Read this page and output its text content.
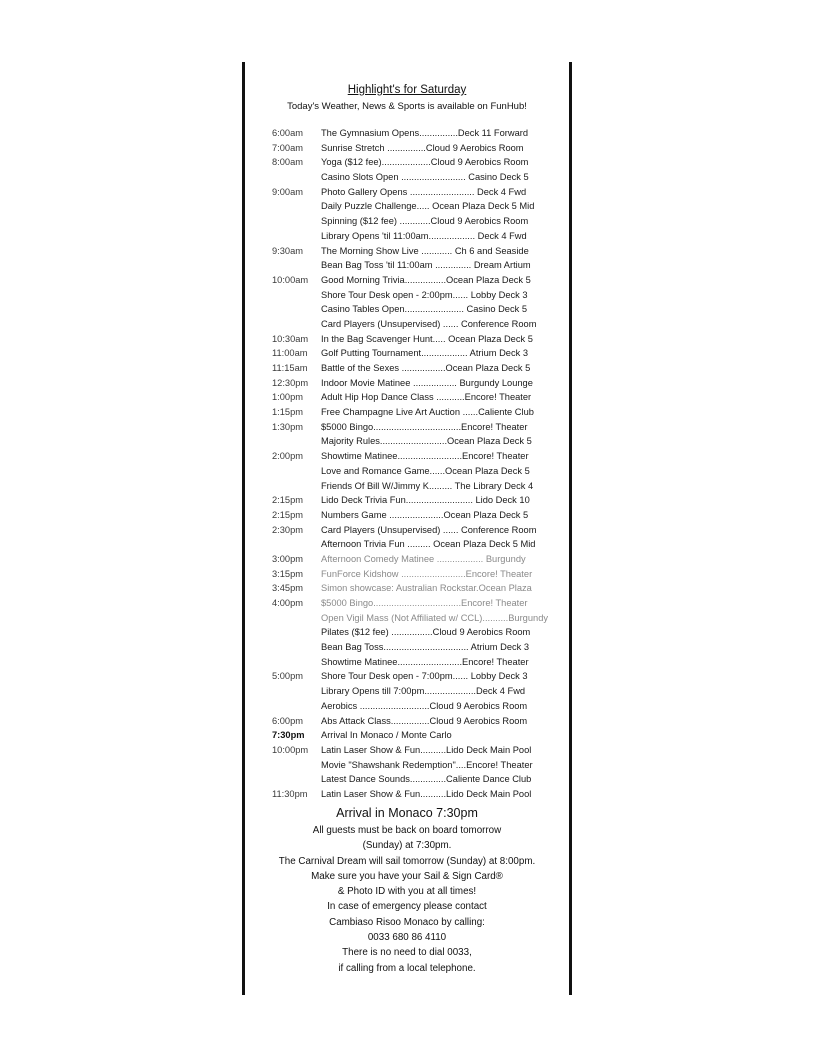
Highlight's for Saturday
Today's Weather, News & Sports is available on FunHub!
6:00am	The Gymnasium Opens...............Deck 11 Forward
7:00am	Sunrise Stretch ...............Cloud 9 Aerobics Room
8:00am	Yoga ($12 fee)...................Cloud 9 Aerobics Room
Casino Slots Open ......................... Casino Deck 5
9:00am	Photo Gallery Opens ......................... Deck 4 Fwd
Daily Puzzle Challenge..... Ocean Plaza Deck 5 Mid
Spinning ($12 fee) ............Cloud 9 Aerobics Room
Library Opens 'til 11:00am.................. Deck 4 Fwd
9:30am	The Morning Show Live ............ Ch 6 and Seaside
Bean Bag Toss 'til 11:00am .............. Dream Artium
10:00am	Good Morning Trivia................Ocean Plaza Deck 5
Shore Tour Desk open - 2:00pm...... Lobby Deck 3
Casino Tables Open....................... Casino Deck 5
Card Players (Unsupervised) ...... Conference Room
10:30am	In the Bag Scavenger Hunt..... Ocean Plaza Deck 5
11:00am	Golf Putting Tournament.................. Atrium Deck 3
11:15am	Battle of the Sexes .................Ocean Plaza Deck 5
12:30pm	Indoor Movie Matinee ................. Burgundy Lounge
1:00pm	Adult Hip Hop Dance Class ...........Encore! Theater
1:15pm	Free Champagne Live Art Auction ......Caliente Club
1:30pm	$5000 Bingo..................................Encore! Theater
Majority Rules..........................Ocean Plaza Deck 5
2:00pm	Showtime Matinee.........................Encore! Theater
Love and Romance Game......Ocean Plaza Deck 5
Friends Of Bill W/Jimmy K......... The Library Deck 4
2:15pm	Lido Deck Trivia Fun.......................... Lido Deck 10
2:15pm	Numbers Game .....................Ocean Plaza Deck 5
2:30pm	Card Players (Unsupervised) ...... Conference Room
Afternoon Trivia Fun ......... Ocean Plaza Deck 5 Mid
3:00pm	Afternoon Comedy Matinee .................. Burgundy
3:15pm	FunForce Kidshow .........................Encore! Theater
3:45pm	Simon showcase: Australian Rockstar.Ocean Plaza
4:00pm	$5000 Bingo..................................Encore! Theater
Open Vigil Mass (Not Affiliated w/ CCL)..........Burgundy
Pilates ($12 fee) ................Cloud 9 Aerobics Room
Bean Bag Toss................................. Atrium Deck 3
Showtime Matinee.........................Encore! Theater
5:00pm	Shore Tour Desk open - 7:00pm...... Lobby Deck 3
Library Opens till 7:00pm....................Deck 4 Fwd
Aerobics ...........................Cloud 9 Aerobics Room
6:00pm	Abs Attack Class...............Cloud 9 Aerobics Room
7:30pm	Arrival In Monaco / Monte Carlo
10:00pm	Latin Laser Show & Fun..........Lido Deck Main Pool
Movie "Shawshank Redemption"....Encore! Theater
Latest Dance Sounds..............Caliente Dance Club
11:30pm	Latin Laser Show & Fun..........Lido Deck Main Pool
Arrival in Monaco 7:30pm
All guests must be back on board tomorrow
(Sunday) at 7:30pm.
The Carnival Dream will sail tomorrow (Sunday) at 8:00pm.
Make sure you have your Sail & Sign Card®
& Photo ID with you at all times!
In case of emergency please contact
Cambiaso Risoo Monaco by calling:
0033 680 86 4110
There is no need to dial 0033,
if calling from a local telephone.
